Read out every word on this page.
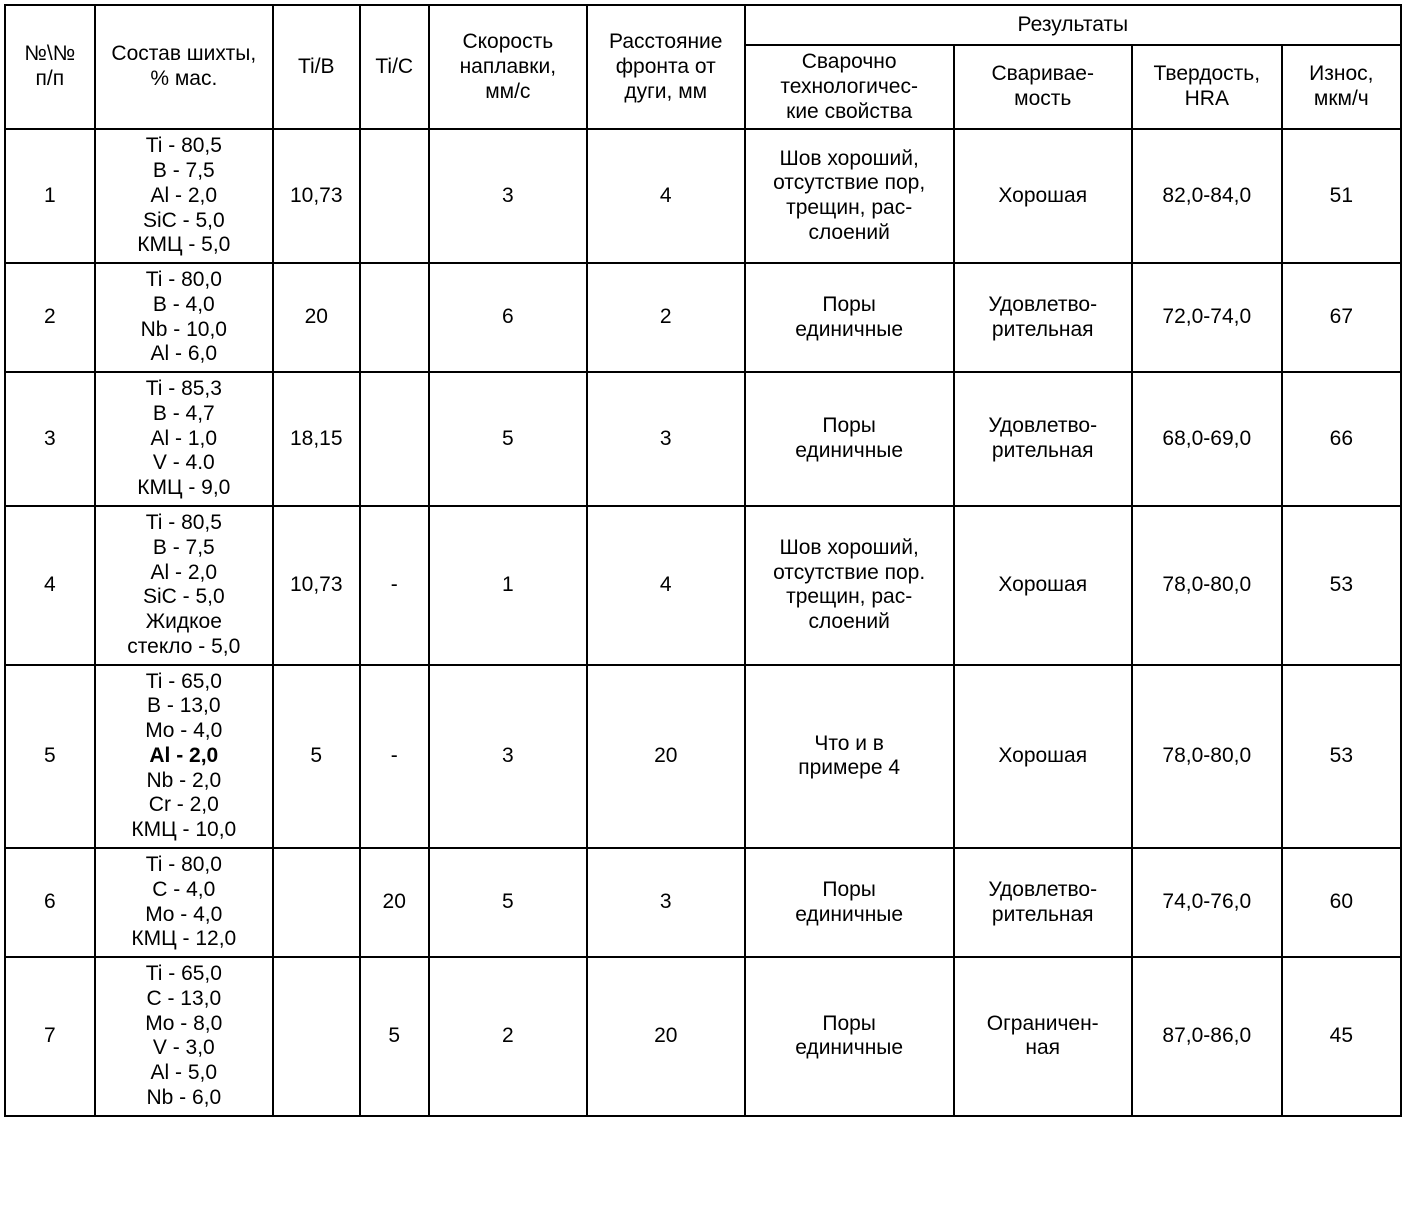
№\№
п/п	Состав шихты,
% мас.	Ti/В	Ti/C	Скорость
наплавки,
мм/с	Расстояние
фронта от
дуги, мм	Результаты			
						Сварочно
технологичес-
кие свойства	Сваривае-
мость	Твердость,
HRA	Износ,
мкм/ч
1	Ti - 80,5
В - 7,5
Al - 2,0
SiC - 5,0
КМЦ - 5,0	10,73		3	4	Шов хороший,
отсутствие пор,
трещин, рас-
слоений	Хорошая	82,0-84,0	51
2	Ti - 80,0
В - 4,0
Nb - 10,0
Al - 6,0	20		6	2	Поры
единичные	Удовлетво-
рительная	72,0-74,0	67
3	Ti - 85,3
В - 4,7
Al - 1,0
V - 4.0
КМЦ - 9,0	18,15		5	3	Поры
единичные	Удовлетво-
рительная	68,0-69,0	66
4	Ti - 80,5
В - 7,5
Al - 2,0
SiC - 5,0
Жидкое
стекло - 5,0	10,73	-	1	4	Шов хороший,
отсутствие пор.
трещин, рас-
слоений	Хорошая	78,0-80,0	53
5	Ti - 65,0
В - 13,0
Mo - 4,0
Al - 2,0
Nb - 2,0
Cr - 2,0
КМЦ - 10,0	5	-	3	20	Что и в
примере 4	Хорошая	78,0-80,0	53
6	Ti - 80,0
С - 4,0
Mo - 4,0
КМЦ - 12,0		20	5	3	Поры
единичные	Удовлетво-
рительная	74,0-76,0	60
7	Ti - 65,0
С - 13,0
Mo - 8,0
V - 3,0
Al - 5,0
Nb - 6,0		5	2	20	Поры
единичные	Ограничен-
ная	87,0-86,0	45
